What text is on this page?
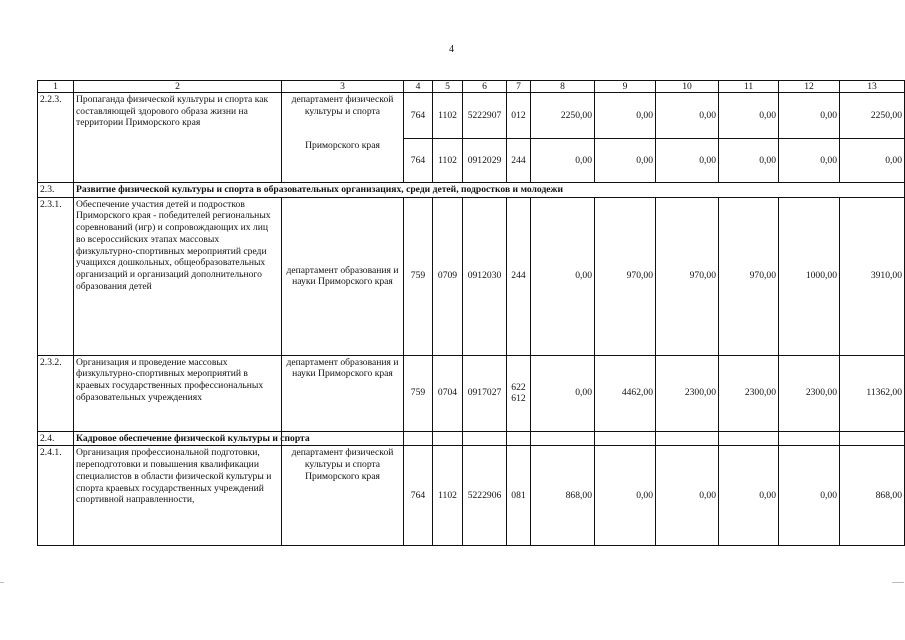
4
1	2	3	4	5	6	7	8	9	10	11	12	13
2.2.3.	Пропаганда физической культуры и спорта как составляющей здорового образа жизни на территории Приморского края	департамент физической культуры и спорта	764	1102	5222907	012	2250,00	0,00	0,00	0,00	0,00	2250,00
		Приморского края	764	1102	0912029	244	0,00	0,00	0,00	0,00	0,00	0,00
2.3.	Развитие физической культуры и спорта в образовательных организациях, среди детей, подростков и молодежи											
2.3.1.	Обеспечение участия детей и подростков Приморского края - победителей региональных соревнований (игр) и сопровождающих их лиц во всероссийских этапах массовых физкультурно-спортивных мероприятий среди учащихся дошкольных, общеобразовательных организаций и организаций дополнительного образования детей	департамент образования и науки Приморского края	759	0709	0912030	244	0,00	970,00	970,00	970,00	1000,00	3910,00
2.3.2.	Организация и проведение массовых физкультурно-спортивных мероприятий в краевых государственных профессиональных образовательных учреждениях	департамент образования и науки Приморского края	759	0704	0917027	622 612	0,00	4462,00	2300,00	2300,00	2300,00	11362,00
2.4.	Кадровое обеспечение физической культуры и спорта											
2.4.1.	Организация профессиональной подготовки, переподготовки и повышения квалификации специалистов в области физической культуры и спорта краевых государственных учреждений спортивной направленности,	департамент физической культуры и спорта Приморского края	764	1102	5222906	081	868,00	0,00	0,00	0,00	0,00	868,00
